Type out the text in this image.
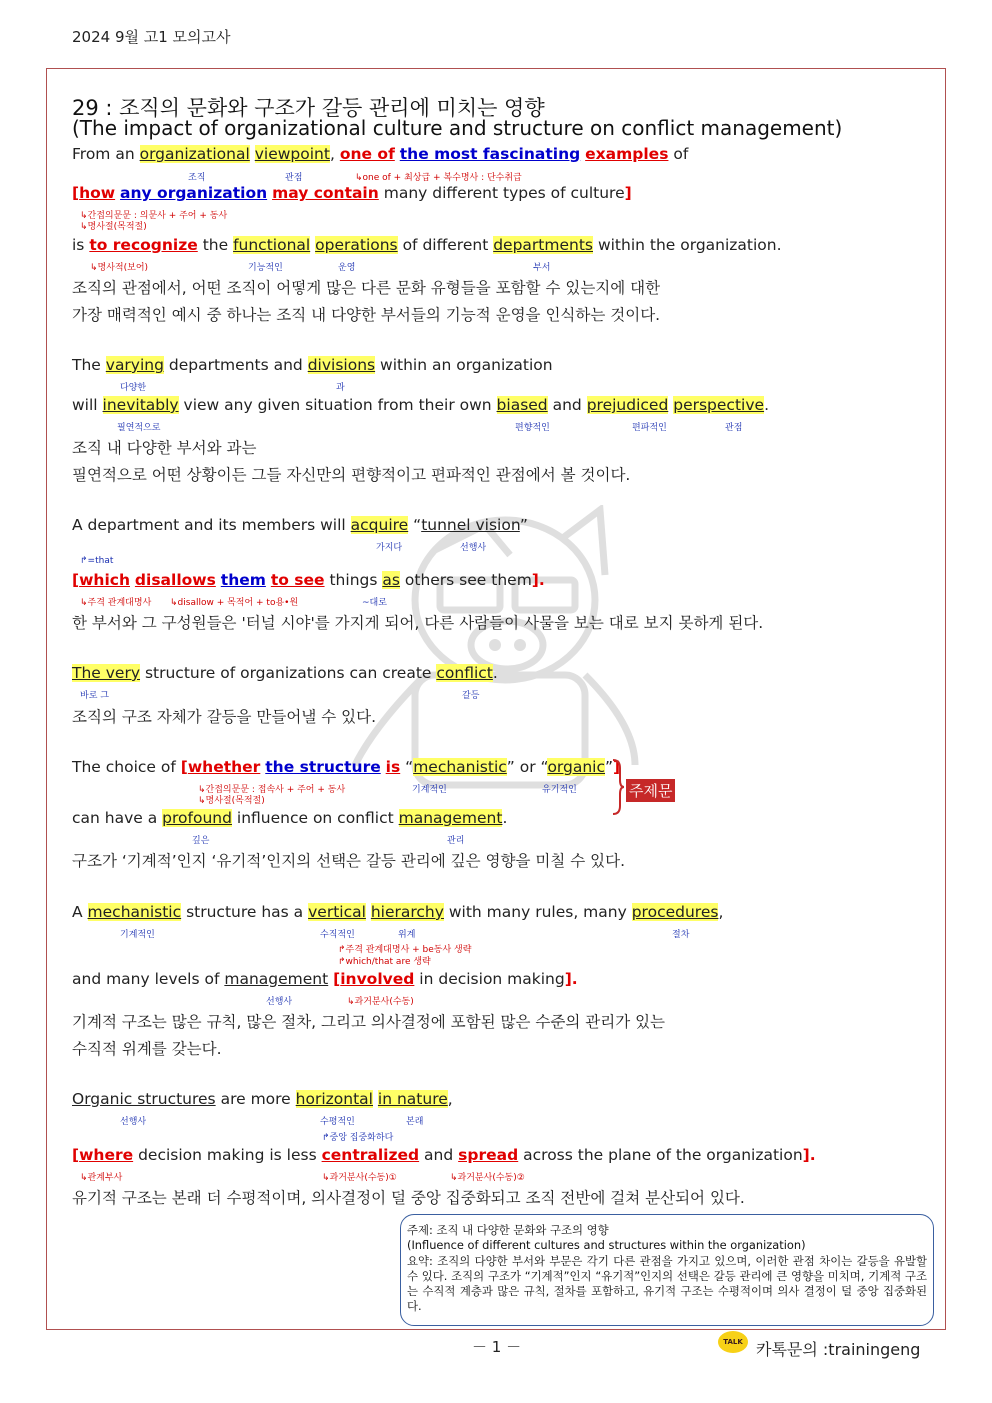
2024 9월 고1 모의고사
29 : 조직의 문화와 구조가 갈등 관리에 미치는 영향
(The impact of organizational culture and structure on conflict management)
From an organizational viewpoint, one of the most fascinating examples of
조직	관점	↳one of + 최상급 + 복수명사 : 단수취급
[how any organization may contain many different types of culture]
↳간접의문문 : 의문사 + 주어 + 동사
↳명사절(목적절)
is to recognize the functional operations of different departments within the organization.
↳명사적(보어)	기능적인	운영	부서
조직의 관점에서, 어떤 조직이 어떻게 많은 다른 문화 유형들을 포함할 수 있는지에 대한
가장 매력적인 예시 중 하나는 조직 내 다양한 부서들의 기능적 운영을 인식하는 것이다.
The varying departments and divisions within an organization
다양한	과
will inevitably view any given situation from their own biased and prejudiced perspective.
필연적으로	편향적인	편파적인	관점
조직 내 다양한 부서와 과는
필연적으로 어떤 상황이든 그들 자신만의 편향적이고 편파적인 관점에서 볼 것이다.
A department and its members will acquire “tunnel vision”
가지다	선행사
↱=that
[which disallows them to see things as others see them].
↳주격 관계대명사 ↳disallow + 목적어 + to용•원	~대로
한 부서와 그 구성원들은 '터널 시야'를 가지게 되어, 다른 사람들이 사물을 보는 대로 보지 못하게 된다.
The very structure of organizations can create conflict.
바로 그	갈등
조직의 구조 자체가 갈등을 만들어낼 수 있다.
The choice of [whether the structure is “mechanistic” or “organic”]
주제문
↳간접의문문 : 접속사 + 주어 + 동사
↳명사절(목적절)
기계적인	유기적인
can have a profound influence on conflict management.
깊은	관리
구조가 ‘기계적’인지 ‘유기적’인지의 선택은 갈등 관리에 깊은 영향을 미칠 수 있다.
A mechanistic structure has a vertical hierarchy with many rules, many procedures,
기계적인	수직적인	위계	절차
↱주격 관계대명사 + be동사 생략
↱which/that are 생략
and many levels of management [involved in decision making].
선행사	↳과거분사(수동)
기계적 구조는 많은 규칙, 많은 절차, 그리고 의사결정에 포함된 많은 수준의 관리가 있는
수직적 위계를 갖는다.
Organic structures are more horizontal in nature,
선행사	수평적인	본래
↱중앙 집중화하다
[where decision making is less centralized and spread across the plane of the organization].
↳관계부사	↳과거분사(수동)①	↳과거분사(수동)②
유기적 구조는 본래 더 수평적이며, 의사결정이 덜 중앙 집중화되고 조직 전반에 걸쳐 분산되어 있다.

주제: 조직 내 다양한 문화와 구조의 영향

(Influence of different cultures and structures within the organization)

요약: 조직의 다양한 부서와 부문은 각기 다른 관점을 가지고 있으며, 이러한 관점 차이는 갈등을 유발할 수 있다. 조직의 구조가 “기계적”인지 “유기적”인지의 선택은 갈등 관리에 큰 영향을 미치며, 기계적 구조는 수직적 계층과 많은 규칙, 절차를 포함하고, 유기적 구조는 수평적이며 의사 결정이 덜 중앙 집중화된다.

－ 1 －	TALK 카톡문의 :trainingeng
